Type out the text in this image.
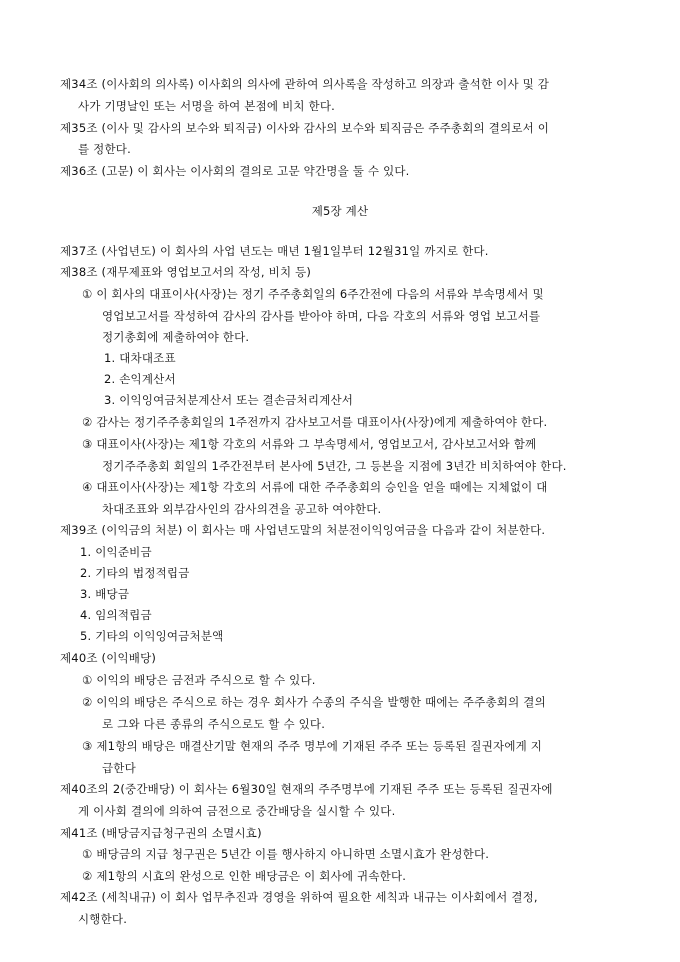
제34조 (이사회의 의사록) 이사회의 의사에 관하여 의사록을 작성하고 의장과 출석한 이사 및 감
사가 기명날인 또는 서명을 하여 본점에 비치 한다.
제35조 (이사 및 감사의 보수와 퇴직금) 이사와 감사의 보수와 퇴직금은 주주총회의 결의로서 이
를 정한다.
제36조 (고문) 이 회사는 이사회의 결의로 고문 약간명을 둘 수 있다.
제5장 계산
제37조 (사업년도) 이 회사의 사업 년도는 매년 1월1일부터 12월31일 까지로 한다.
제38조 (재무제표와 영업보고서의 작성, 비치 등)
① 이 회사의 대표이사(사장)는 정기 주주총회일의 6주간전에 다음의 서류와 부속명세서 및
영업보고서를 작성하여 감사의 감사를 받아야 하며, 다음 각호의 서류와 영업 보고서를
정기총회에 제출하여야 한다.
1. 대차대조표
2. 손익계산서
3. 이익잉여금처분계산서 또는 결손금처리계산서
② 감사는 정기주주총회일의 1주전까지 감사보고서를 대표이사(사장)에게 제출하여야 한다.
③ 대표이사(사장)는 제1항 각호의 서류와 그 부속명세서, 영업보고서, 감사보고서와 함께
정기주주총회 회일의 1주간전부터 본사에 5년간, 그 등본을 지점에 3년간 비치하여야 한다.
④ 대표이사(사장)는 제1항 각호의 서류에 대한 주주총회의 승인을 얻을 때에는 지체없이 대
차대조표와 외부감사인의 감사의견을 공고하 여야한다.
제39조 (이익금의 처분) 이 회사는 매 사업년도말의 처분전이익잉여금을 다음과 같이 처분한다.
1. 이익준비금
2. 기타의 법정적립금
3. 배당금
4. 임의적립금
5. 기타의 이익잉여금처분액
제40조 (이익배당)
① 이익의 배당은 금전과 주식으로 할 수 있다.
② 이익의 배당은 주식으로 하는 경우 회사가 수종의 주식을 발행한 때에는 주주총회의 결의
로 그와 다른 종류의 주식으로도 할 수 있다.
③ 제1항의 배당은 매결산기말 현재의 주주 명부에 기재된 주주 또는 등록된 질권자에게 지
급한다
제40조의 2(중간배당) 이 회사는 6월30일 현재의 주주명부에 기재된 주주 또는 등록된 질권자에
게 이사회 결의에 의하여 금전으로 중간배당을 실시할 수 있다.
제41조 (배당금지급청구권의 소멸시효)
① 배당금의 지급 청구권은 5년간 이를 행사하지 아니하면 소멸시효가 완성한다.
② 제1항의 시효의 완성으로 인한 배당금은 이 회사에 귀속한다.
제42조 (세칙내규) 이 회사 업무추진과 경영을 위하여 필요한 세칙과 내규는 이사회에서 결정,
시행한다.
